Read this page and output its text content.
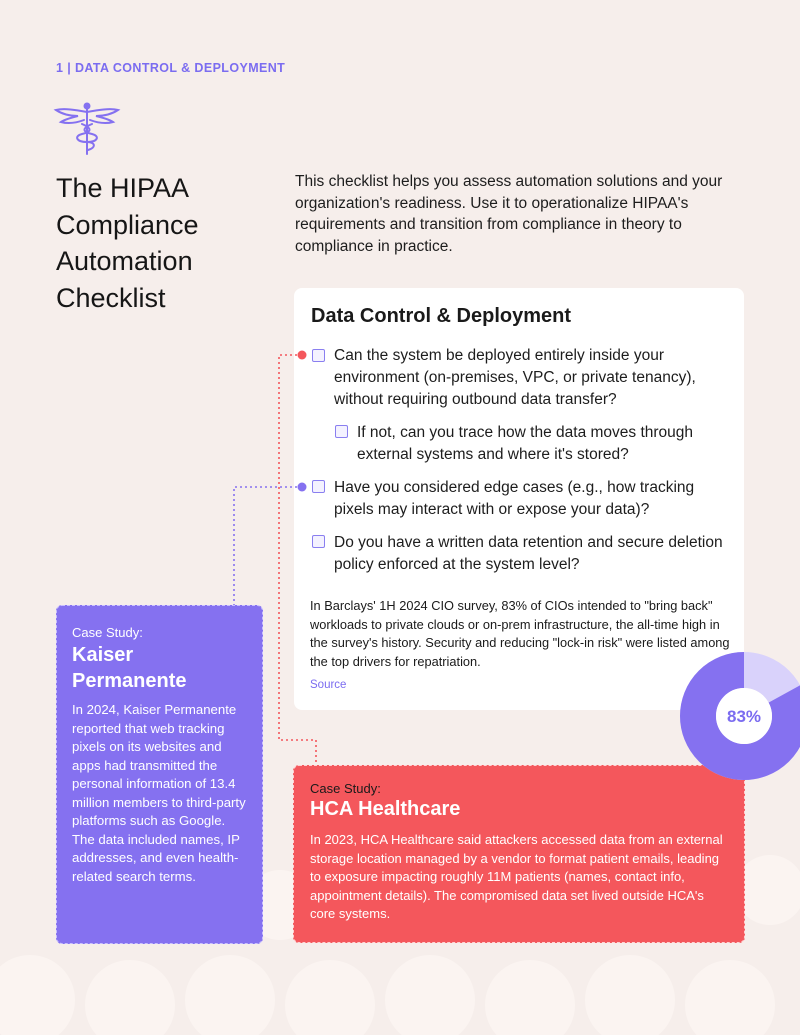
1 | DATA CONTROL & DEPLOYMENT
The HIPAA
Compliance
Automation
Checklist
This checklist helps you assess automation solutions and your organization's readiness. Use it to operationalize HIPAA's requirements and transition from compliance in theory to compliance in practice.
Data Control & Deployment
Can the system be deployed entirely inside your environment (on-premises, VPC, or private tenancy), without requiring outbound data transfer?
If not, can you trace how the data moves through external systems and where it's stored?
Have you considered edge cases (e.g., how tracking pixels may interact with or expose your data)?
Do you have a written data retention and secure deletion policy enforced at the system level?
In Barclays' 1H 2024 CIO survey, 83% of CIOs intended to "bring back" workloads to private clouds or on-prem infrastructure, the all-time high in the survey's history. Security and reducing "lock-in risk" were listed among the top drivers for repatriation.
Source
83%
Case Study:
Kaiser Permanente
In 2024, Kaiser Permanente reported that web tracking pixels on its websites and apps had transmitted the personal information of 13.4 million members to third-party platforms such as Google. The data included names, IP addresses, and even health-related search terms.
Case Study:
HCA Healthcare
In 2023, HCA Healthcare said attackers accessed data from an external storage location managed by a vendor to format patient emails, leading to exposure impacting roughly 11M patients (names, contact info, appointment details). The compromised data set lived outside HCA's core systems.
